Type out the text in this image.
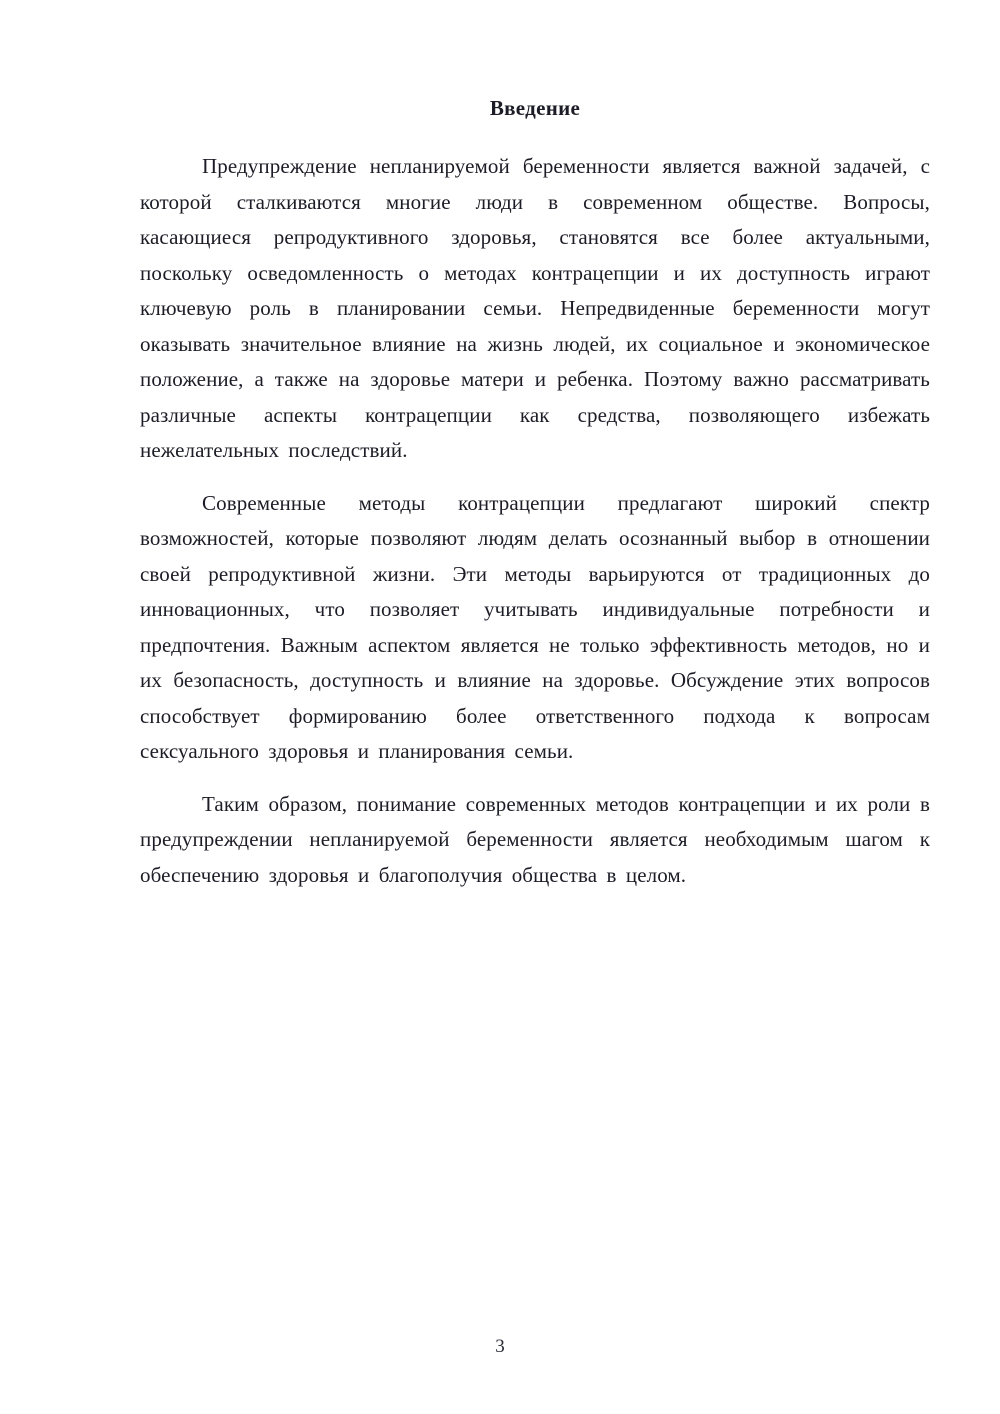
Введение

Предупреждение непланируемой беременности является важной задачей, с которой сталкиваются многие люди в современном обществе. Вопросы, касающиеся репродуктивного здоровья, становятся все более актуальными, поскольку осведомленность о методах контрацепции и их доступность играют ключевую роль в планировании семьи. Непредвиденные беременности могут оказывать значительное влияние на жизнь людей, их социальное и экономическое положение, а также на здоровье матери и ребенка. Поэтому важно рассматривать различные аспекты контрацепции как средства, позволяющего избежать нежелательных последствий.

Современные методы контрацепции предлагают широкий спектр возможностей, которые позволяют людям делать осознанный выбор в отношении своей репродуктивной жизни. Эти методы варьируются от традиционных до инновационных, что позволяет учитывать индивидуальные потребности и предпочтения. Важным аспектом является не только эффективность методов, но и их безопасность, доступность и влияние на здоровье. Обсуждение этих вопросов способствует формированию более ответственного подхода к вопросам сексуального здоровья и планирования семьи.

Таким образом, понимание современных методов контрацепции и их роли в предупреждении непланируемой беременности является необходимым шагом к обеспечению здоровья и благополучия общества в целом.

3
